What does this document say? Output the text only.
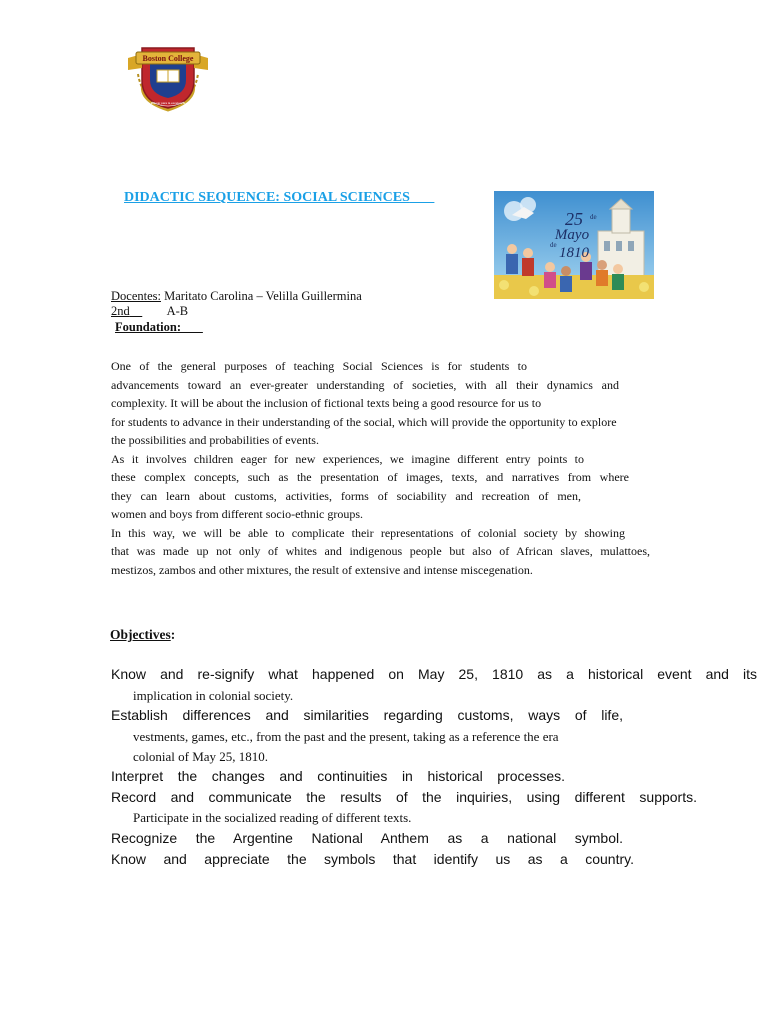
Boston College
Educar para la excelencia
DIDACTIC SEQUENCE: SOCIAL SCIENCES
25 de
Mayo
de 1810
Docentes: Maritato Carolina – Velilla Guillermina
2nd	A-B
Foundation:
One of the general purposes of teaching Social Sciences is for students to
advancements toward an ever-greater understanding of societies, with all their dynamics and
complexity. It will be about the inclusion of fictional texts being a good resource for us to
for students to advance in their understanding of the social, which will provide the opportunity to explore
the possibilities and probabilities of events.
As it involves children eager for new experiences, we imagine different entry points to
these complex concepts, such as the presentation of images, texts, and narratives from where
they can learn about customs, activities, forms of sociability and recreation of men,
women and boys from different socio-ethnic groups.
In this way, we will be able to complicate their representations of colonial society by showing
that was made up not only of whites and indigenous people but also of African slaves, mulattoes,
mestizos, zambos and other mixtures, the result of extensive and intense miscegenation.
Objectives:
Know and re-signify what happened on May 25, 1810 as a historical event and its
implication in colonial society.
Establish differences and similarities regarding customs, ways of life,
vestments, games, etc., from the past and the present, taking as a reference the era
colonial of May 25, 1810.
Interpret the changes and continuities in historical processes.
Record and communicate the results of the inquiries, using different supports.
Participate in the socialized reading of different texts.
Recognize the Argentine National Anthem as a national symbol.
Know and appreciate the symbols that identify us as a country.
